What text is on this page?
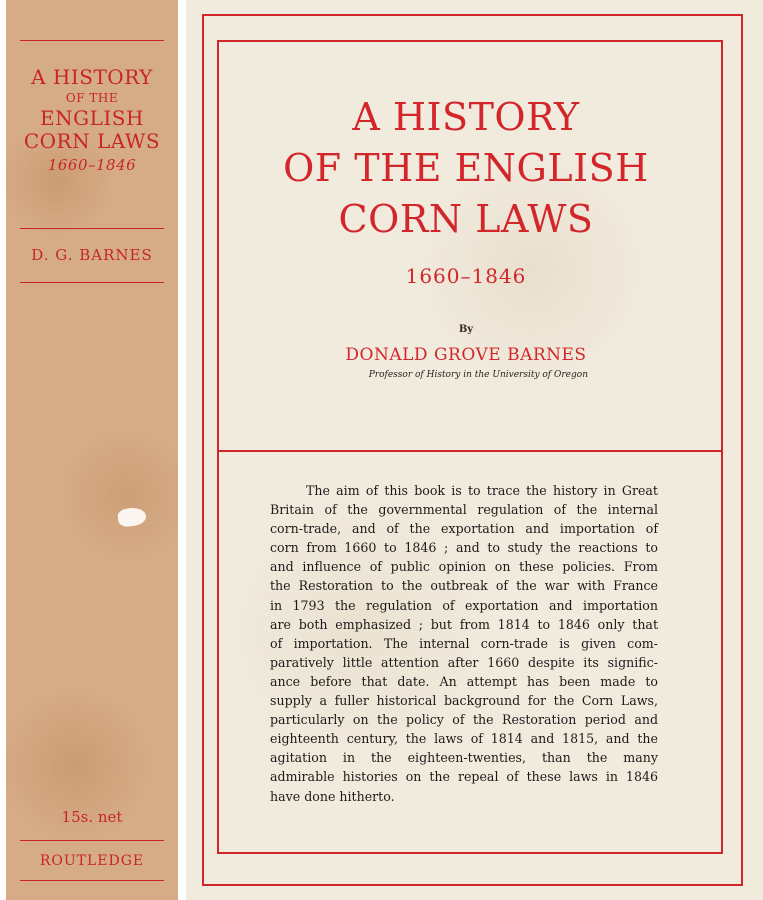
A HISTORY
OF THE
ENGLISH
CORN LAWS
1660–1846
D. G. BARNES
15s. net
ROUTLEDGE
A HISTORY
OF THE ENGLISH
CORN LAWS
1660–1846
By
DONALD GROVE BARNES
Professor of History in the University of Oregon
The aim of this book is to trace the history in Great
Britain of the governmental regulation of the internal
corn-trade, and of the exportation and importation of
corn from 1660 to 1846 ; and to study the reactions to
and influence of public opinion on these policies. From
the Restoration to the outbreak of the war with France
in 1793 the regulation of exportation and importation
are both emphasized ; but from 1814 to 1846 only that
of importation. The internal corn-trade is given com-
paratively little attention after 1660 despite its signific-
ance before that date. An attempt has been made to
supply a fuller historical background for the Corn Laws,
particularly on the policy of the Restoration period and
eighteenth century, the laws of 1814 and 1815, and the
agitation in the eighteen-twenties, than the many
admirable histories on the repeal of these laws in 1846
have done hitherto.
